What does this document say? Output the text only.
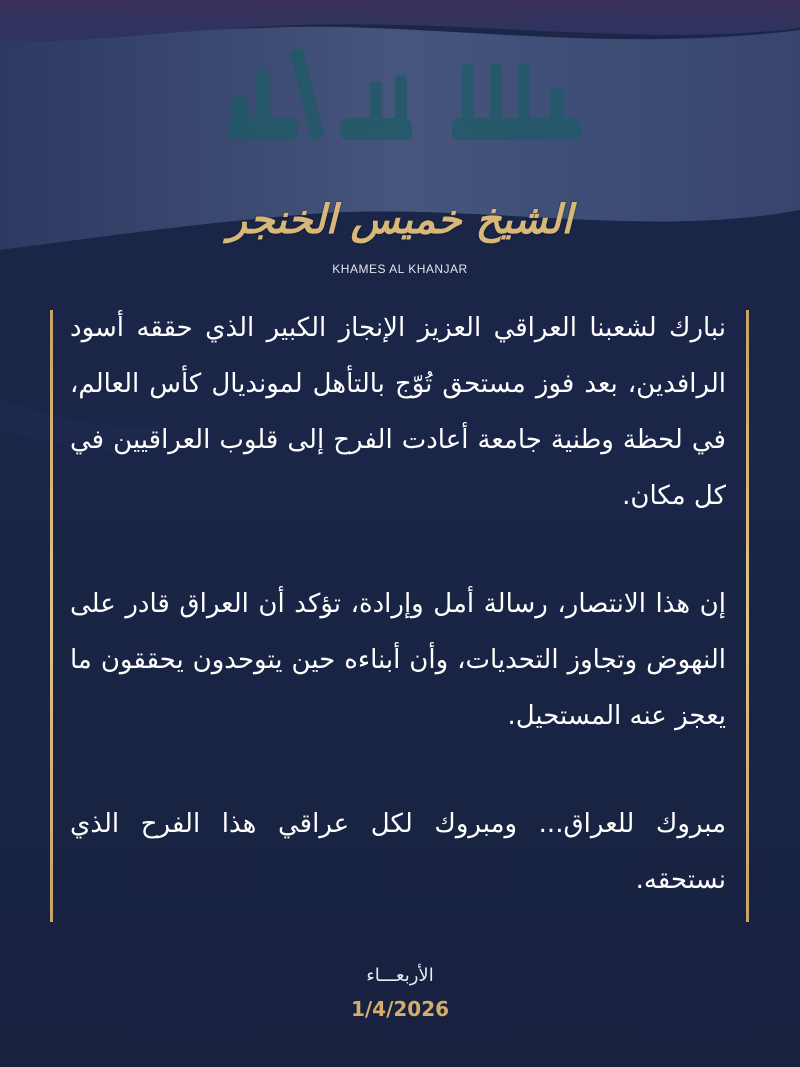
الشيخ خميس الخنجر
KHAMES AL KHANJAR

نبارك لشعبنا العراقي العزيز الإنجاز الكبير الذي حققه أسود الرافدين، بعد فوز مستحق تُوّج بالتأهل لمونديال كأس العالم، في لحظة وطنية جامعة أعادت الفرح إلى قلوب العراقيين في كل مكان.

إن هذا الانتصار، رسالة أمل وإرادة، تؤكد أن العراق قادر على النهوض وتجاوز التحديات، وأن أبناءه حين يتوحدون يحققون ما يعجز عنه المستحيل.

مبروك للعراق... ومبروك لكل عراقي هذا الفرح الذي نستحقه.

الأربعـــاء
1/4/2026
